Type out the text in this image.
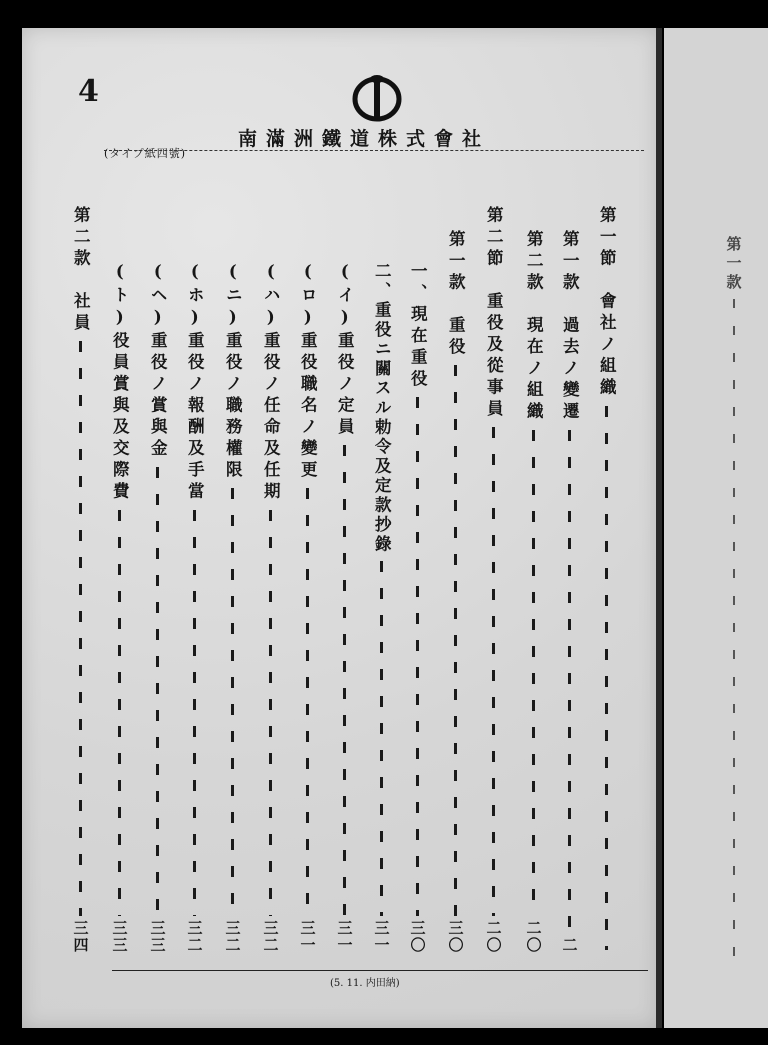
4
南滿洲鐵道株式會社
(タイプ紙四號)
第一節　會社ノ組織
第一款　過去ノ變遷
二
第二款　現在ノ組織
二〇
第二節　重役及從事員
二〇
第一款　重役
三〇
一、現在重役
三〇
二、重役ニ關スル勅令及定款抄錄
三一
(イ)重役ノ定員
三一
(ロ)重役職名ノ變更
三一
(ハ)重役ノ任命及任期
三二
(ニ)重役ノ職務權限
三二
(ホ)重役ノ報酬及手當
三二
(ヘ)重役ノ賞與金
三三
(ト)役員賞與及交際費
三三
第二款　社員
三四
第一款
(5. 11. 内田納)
